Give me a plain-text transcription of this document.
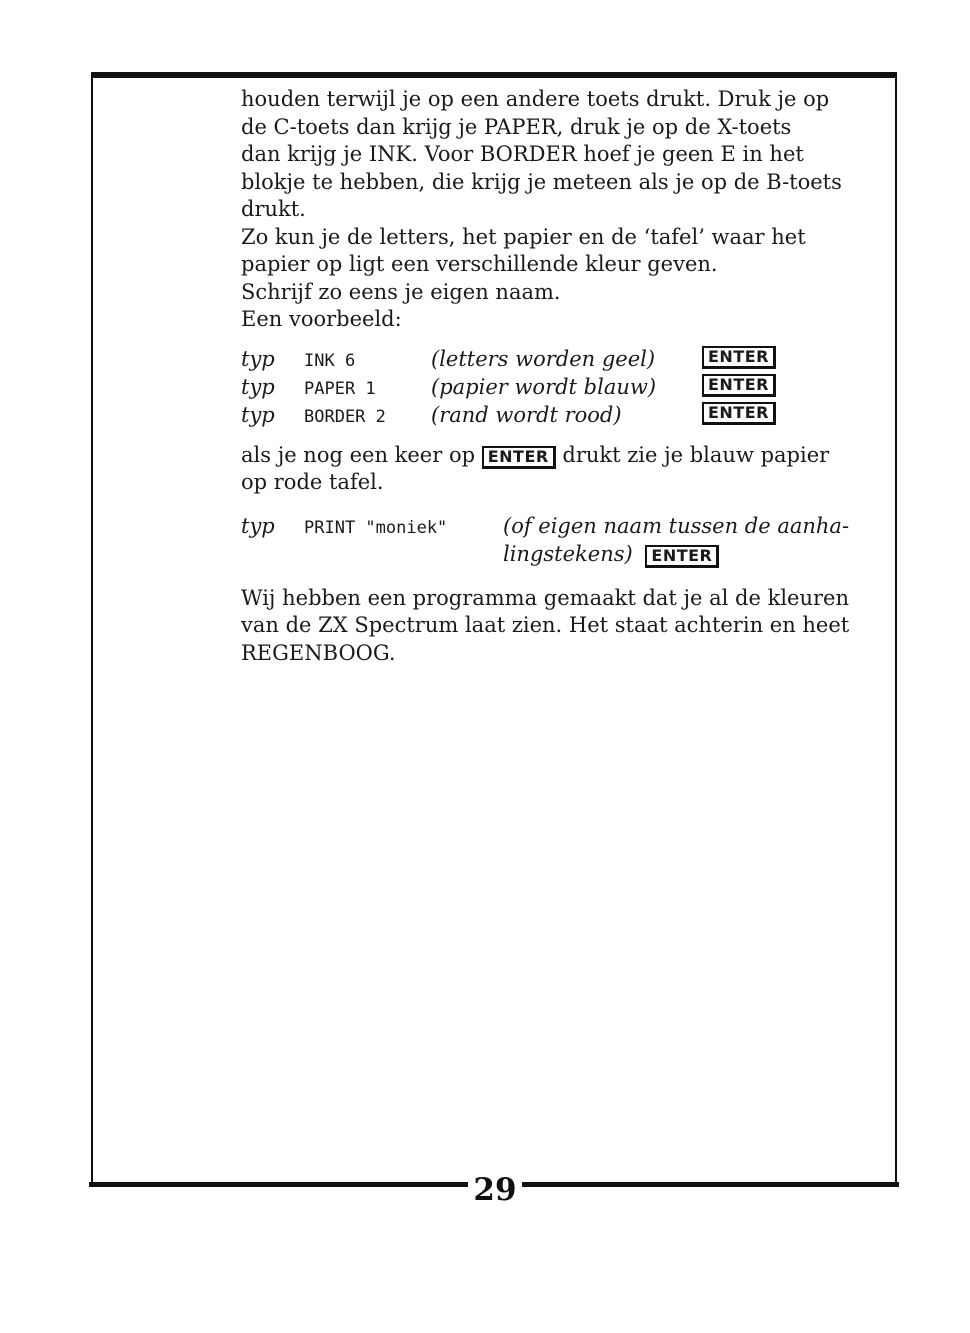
29

houden terwijl je op een andere toets drukt. Druk je op

de C-toets dan krijg je PAPER, druk je op de X-toets

dan krijg je INK. Voor BORDER hoef je geen E in het

blokje te hebben, die krijg je meteen als je op de B-toets

drukt.

Zo kun je de letters, het papier en de ‘tafel’ waar het

papier op ligt een verschillende kleur geven.

Schrijf zo eens je eigen naam.

Een voorbeeld:

typ INK 6	(letters worden geel)	ENTER
typ PAPER 1	(papier wordt blauw)	ENTER
typ BORDER 2 (rand wordt rood)	ENTER

als je nog een keer op ENTER drukt zie je blauw papier

op rode tafel.

typ PRINT "moniek"	(of eigen naam tussen de aanha-
lingstekens) ENTER

Wij hebben een programma gemaakt dat je al de kleuren

van de ZX Spectrum laat zien. Het staat achterin en heet

REGENBOOG.
